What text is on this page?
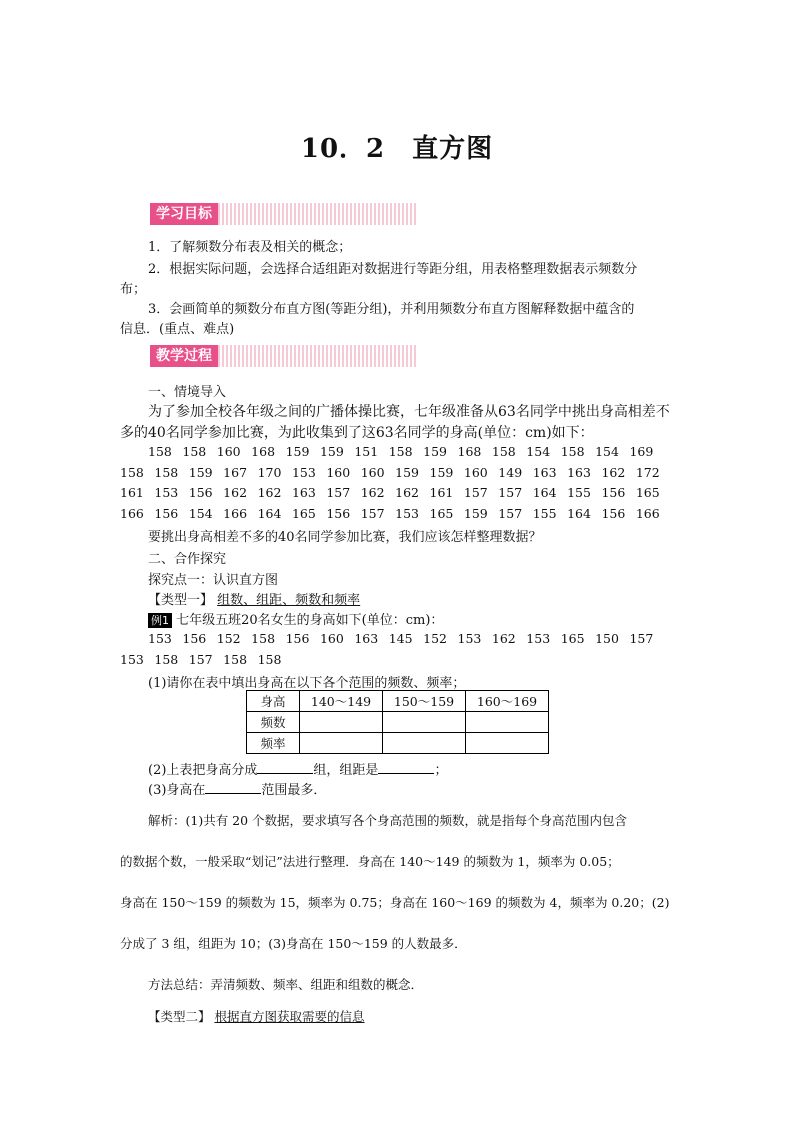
10．2　直方图
学习目标
1．了解频数分布表及相关的概念；
2．根据实际问题，会选择合适组距对数据进行等距分组，用表格整理数据表示频数分
布；
3．会画简单的频数分布直方图(等距分组)，并利用频数分布直方图解释数据中蕴含的
信息．(重点、难点)
教学过程
一、情境导入
为了参加全校各年级之间的广播体操比赛，七年级准备从63名同学中挑出身高相差不
多的40名同学参加比赛，为此收集到了这63名同学的身高(单位：cm)如下：
158 158 160 168 159 159 151 158 159 168 158 154 158 154 169
158 158 159 167 170 153 160 160 159 159 160 149 163 163 162 172
161 153 156 162 162 163 157 162 162 161 157 157 164 155 156 165
166 156 154 166 164 165 156 157 153 165 159 157 155 164 156 166
要挑出身高相差不多的40名同学参加比赛，我们应该怎样整理数据？
二、合作探究
探究点一：认识直方图
【类型一】 组数、组距、频数和频率
例1 七年级五班20名女生的身高如下(单位：cm)：
153 156 152 158 156 160 163 145 152 153 162 153 165 150 157
153 158 157 158 158
(1)请你在表中填出身高在以下各个范围的频数、频率；
身高	140～149	150～159	160～169
频数			
频率			
(2)上表把身高分成	组，组距是	；
(3)身高在	范围最多．
解析：(1)共有 20 个数据，要求填写各个身高范围的频数，就是指每个身高范围内包含
的数据个数，一般采取“划记”法进行整理．身高在 140～149 的频数为 1，频率为 0.05；
身高在 150～159 的频数为 15，频率为 0.75；身高在 160～169 的频数为 4，频率为 0.20；(2)
分成了 3 组，组距为 10；(3)身高在 150～159 的人数最多．
方法总结：弄清频数、频率、组距和组数的概念．
【类型二】 根据直方图获取需要的信息
